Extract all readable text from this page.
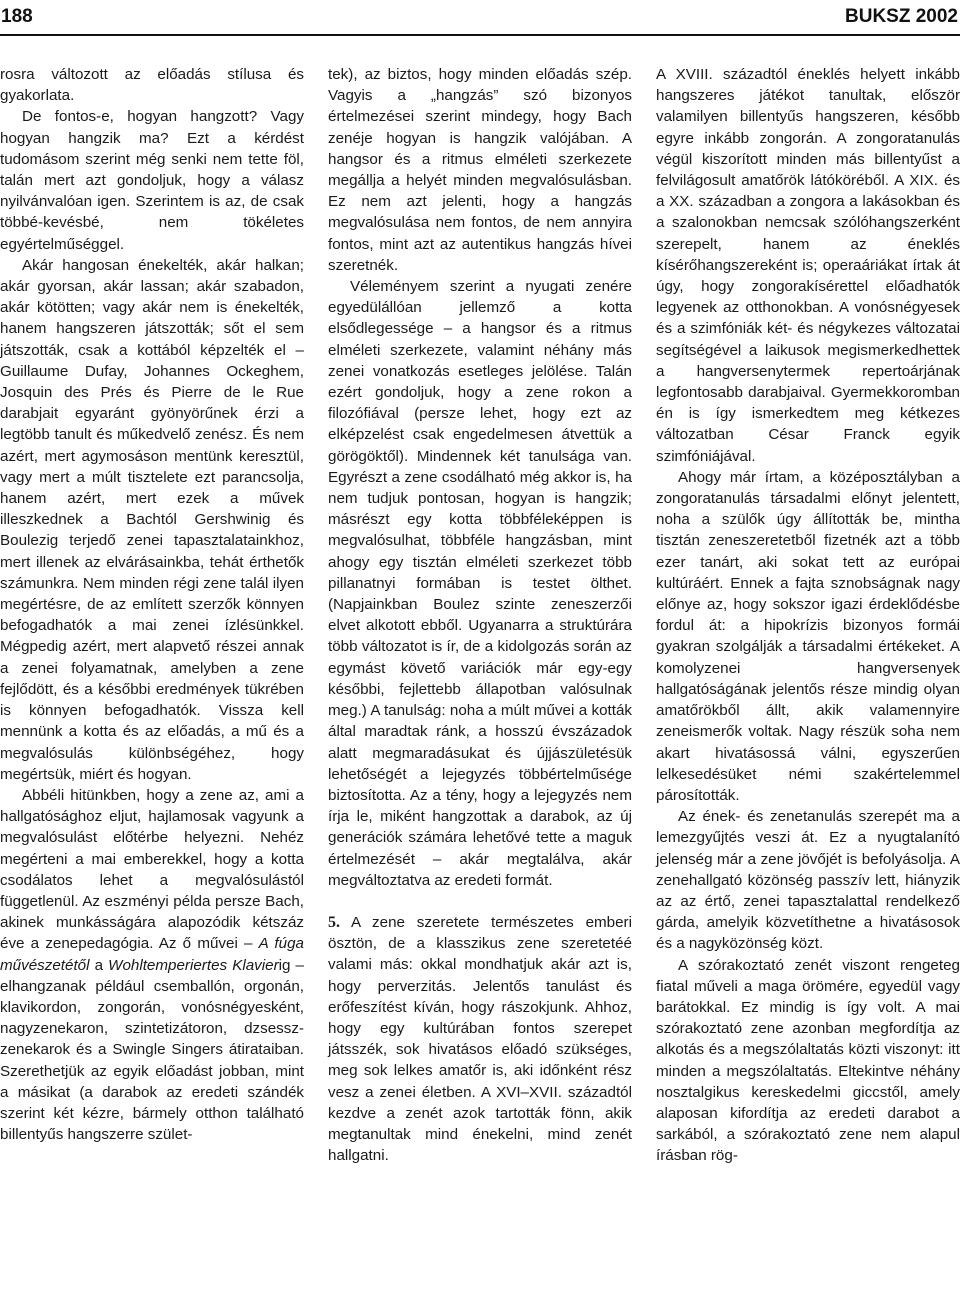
188	BUKSZ 2002

rosra változott az előadás stílusa és gyakorlata.

De fontos-e, hogyan hangzott? Vagy hogyan hangzik ma? Ezt a kérdést tudomásom szerint még senki nem tette föl, talán mert azt gondoljuk, hogy a válasz nyilvánvalóan igen. Szerintem is az, de csak többé-kevésbé, nem tökéletes egyértelműséggel.

Akár hangosan énekelték, akár halkan; akár gyorsan, akár lassan; akár szabadon, akár kötötten; vagy akár nem is énekelték, hanem hangszeren játszották; sőt el sem játszották, csak a kottából képzelték el – Guillaume Dufay, Johannes Ockeghem, Josquin des Prés és Pierre de le Rue darabjait egyaránt gyönyörűnek érzi a legtöbb tanult és műkedvelő zenész. És nem azért, mert agymosáson mentünk keresztül, vagy mert a múlt tisztelete ezt parancsolja, hanem azért, mert ezek a művek illeszkednek a Bachtól Gershwinig és Boulezig terjedő zenei tapasztalatainkhoz, mert illenek az elvárásainkba, tehát érthetők számunkra. Nem minden régi zene talál ilyen megértésre, de az említett szerzők könnyen befogadhatók a mai zenei ízlésünkkel. Mégpedig azért, mert alapvető részei annak a zenei folyamatnak, amelyben a zene fejlődött, és a későbbi eredmények tükrében is könnyen befogadhatók. Vissza kell mennünk a kotta és az előadás, a mű és a megvalósulás különbségéhez, hogy megértsük, miért és hogyan.

Abbéli hitünkben, hogy a zene az, ami a hallgatósághoz eljut, hajlamosak vagyunk a megvalósulást előtérbe helyezni. Nehéz megérteni a mai emberekkel, hogy a kotta csodálatos lehet a megvalósulástól függetlenül. Az eszményi példa persze Bach, akinek munkásságára alapozódik kétszáz éve a zenepedagógia. Az ő művei – A fúga művészetétől a Wohltemperiertes Klavierig – elhangzanak például csemballón, orgonán, klavikordon, zongorán, vonósnégyesként, nagyzenekaron, szintetizátoron, dzsessz-zenekarok és a Swingle Singers átirataiban. Szerethetjük az egyik előadást jobban, mint a másikat (a darabok az eredeti szándék szerint két kézre, bármely otthon található billentyűs hangszerre szület-

tek), az biztos, hogy minden előadás szép. Vagyis a „hangzás” szó bizonyos értelmezései szerint mindegy, hogy Bach zenéje hogyan is hangzik valójában. A hangsor és a ritmus elméleti szerkezete megállja a helyét minden megvalósulásban. Ez nem azt jelenti, hogy a hangzás megvalósulása nem fontos, de nem annyira fontos, mint azt az autentikus hangzás hívei szeretnék.

Véleményem szerint a nyugati zenére egyedülállóan jellemző a kotta elsődlegessége – a hangsor és a ritmus elméleti szerkezete, valamint néhány más zenei vonatkozás esetleges jelölése. Talán ezért gondoljuk, hogy a zene rokon a filozófiával (persze lehet, hogy ezt az elképzelést csak engedelmesen átvettük a görögöktől). Mindennek két tanulsága van. Egyrészt a zene csodálható még akkor is, ha nem tudjuk pontosan, hogyan is hangzik; másrészt egy kotta többféleképpen is megvalósulhat, többféle hangzásban, mint ahogy egy tisztán elméleti szerkezet több pillanatnyi formában is testet ölthet. (Napjainkban Boulez szinte zeneszerzői elvet alkotott ebből. Ugyanarra a struktúrára több változatot is ír, de a kidolgozás során az egymást követő variációk már egy-egy későbbi, fejlettebb állapotban valósulnak meg.) A tanulság: noha a múlt művei a kották által maradtak ránk, a hosszú évszázadok alatt megmaradásukat és újjászületésük lehetőségét a lejegyzés többértelműsége biztosította. Az a tény, hogy a lejegyzés nem írja le, miként hangzottak a darabok, az új generációk számára lehetővé tette a maguk értelmezését – akár megtalálva, akár megváltoztatva az eredeti formát.

5. A zene szeretete természetes emberi ösztön, de a klasszikus zene szeretetéé valami más: okkal mondhatjuk akár azt is, hogy perverzitás. Jelentős tanulást és erőfeszítést kíván, hogy rászokjunk. Ahhoz, hogy egy kultúrában fontos szerepet játsszék, sok hivatásos előadó szükséges, meg sok lelkes amatőr is, aki időnként rész vesz a zenei életben. A XVI–XVII. századtól kezdve a zenét azok tartották fönn, akik megtanultak mind énekelni, mind zenét hallgatni.

A XVIII. századtól éneklés helyett inkább hangszeres játékot tanultak, először valamilyen billentyűs hangszeren, később egyre inkább zongorán. A zongoratanulás végül kiszorított minden más billentyűst a felvilágosult amatőrök látóköréből. A XIX. és a XX. században a zongora a lakásokban és a szalonokban nemcsak szólóhangszerként szerepelt, hanem az éneklés kísérőhangszereként is; operaáriákat írtak át úgy, hogy zongorakísérettel előadhatók legyenek az otthonokban. A vonósnégyesek és a szimfóniák két- és négykezes változatai segítségével a laikusok megismerkedhettek a hangversenytermek repertoárjának legfontosabb darabjaival. Gyermekkoromban én is így ismerkedtem meg kétkezes változatban César Franck egyik szimfóniájával.

Ahogy már írtam, a középosztályban a zongoratanulás társadalmi előnyt jelentett, noha a szülők úgy állították be, mintha tisztán zeneszeretetből fizetnék azt a több ezer tanárt, aki sokat tett az európai kultúráért. Ennek a fajta sznobságnak nagy előnye az, hogy sokszor igazi érdeklődésbe fordul át: a hipokrízis bizonyos formái gyakran szolgálják a társadalmi értékeket. A komolyzenei hangversenyek hallgatóságának jelentős része mindig olyan amatőrökből állt, akik valamennyire zeneismerők voltak. Nagy részük soha nem akart hivatásossá válni, egyszerűen lelkesedésüket némi szakértelemmel párosították.

Az ének- és zenetanulás szerepét ma a lemezgyűjtés veszi át. Ez a nyugtalanító jelenség már a zene jövőjét is befolyásolja. A zenehallgató közönség passzív lett, hiányzik az az értő, zenei tapasztalattal rendelkező gárda, amelyik közvetíthetne a hivatásosok és a nagyközönség közt.

A szórakoztató zenét viszont rengeteg fiatal műveli a maga örömére, egyedül vagy barátokkal. Ez mindig is így volt. A mai szórakoztató zene azonban megfordítja az alkotás és a megszólaltatás közti viszonyt: itt minden a megszólaltatás. Eltekintve néhány nosztalgikus kereskedelmi giccstől, amely alaposan kifordítja az eredeti darabot a sarkából, a szórakoztató zene nem alapul írásban rög-
